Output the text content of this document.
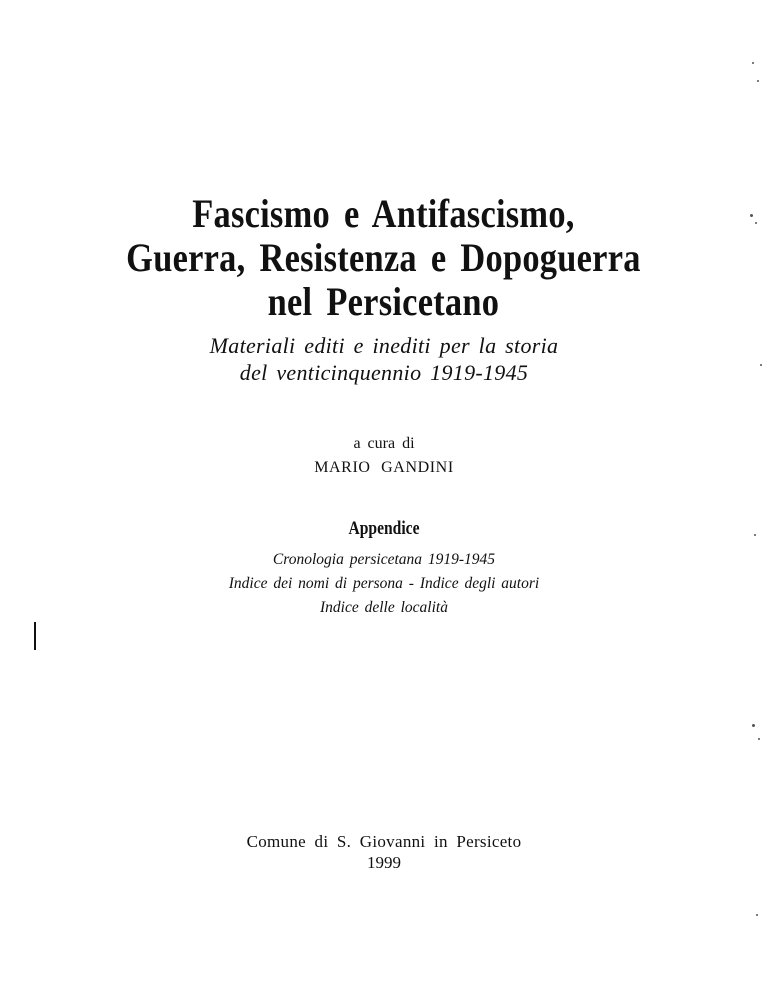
Fascismo e Antifascismo,
Guerra, Resistenza e Dopoguerra
nel Persicetano
Materiali editi e inediti per la storia
del venticinquennio 1919-1945
a cura di
MARIO GANDINI
Appendice
Cronologia persicetana 1919-1945
Indice dei nomi di persona - Indice degli autori
Indice delle località
Comune di S. Giovanni in Persiceto
1999
